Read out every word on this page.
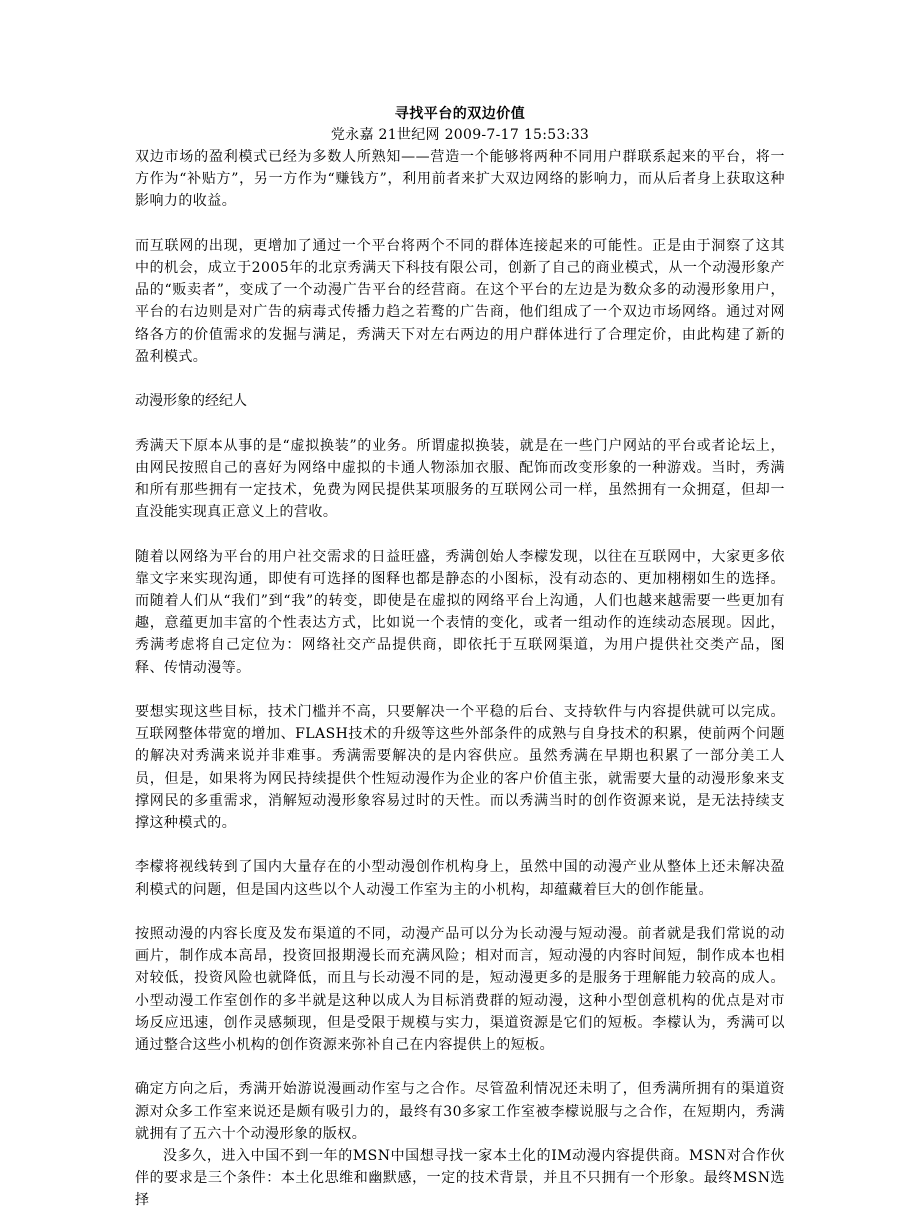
寻找平台的双边价值

党永嘉 21世纪网 2009-7-17 15:53:33

双边市场的盈利模式已经为多数人所熟知——营造一个能够将两种不同用户群联系起来的平台，将一方作为“补贴方”，另一方作为“赚钱方”，利用前者来扩大双边网络的影响力，而从后者身上获取这种影响力的收益。

而互联网的出现，更增加了通过一个平台将两个不同的群体连接起来的可能性。正是由于洞察了这其中的机会，成立于2005年的北京秀满天下科技有限公司，创新了自己的商业模式，从一个动漫形象产品的“贩卖者”，变成了一个动漫广告平台的经营商。在这个平台的左边是为数众多的动漫形象用户，平台的右边则是对广告的病毒式传播力趋之若鹜的广告商，他们组成了一个双边市场网络。通过对网络各方的价值需求的发掘与满足，秀满天下对左右两边的用户群体进行了合理定价，由此构建了新的盈利模式。

动漫形象的经纪人

秀满天下原本从事的是“虚拟换装”的业务。所谓虚拟换装，就是在一些门户网站的平台或者论坛上，由网民按照自己的喜好为网络中虚拟的卡通人物添加衣服、配饰而改变形象的一种游戏。当时，秀满和所有那些拥有一定技术，免费为网民提供某项服务的互联网公司一样，虽然拥有一众拥趸，但却一直没能实现真正意义上的营收。

随着以网络为平台的用户社交需求的日益旺盛，秀满创始人李檬发现，以往在互联网中，大家更多依靠文字来实现沟通，即使有可选择的图释也都是静态的小图标，没有动态的、更加栩栩如生的选择。而随着人们从“我们”到“我”的转变，即使是在虚拟的网络平台上沟通，人们也越来越需要一些更加有趣，意蕴更加丰富的个性表达方式，比如说一个表情的变化，或者一组动作的连续动态展现。因此，秀满考虑将自己定位为：网络社交产品提供商，即依托于互联网渠道，为用户提供社交类产品，图释、传情动漫等。

要想实现这些目标，技术门槛并不高，只要解决一个平稳的后台、支持软件与内容提供就可以完成。互联网整体带宽的增加、FLASH技术的升级等这些外部条件的成熟与自身技术的积累，使前两个问题的解决对秀满来说并非难事。秀满需要解决的是内容供应。虽然秀满在早期也积累了一部分美工人员，但是，如果将为网民持续提供个性短动漫作为企业的客户价值主张，就需要大量的动漫形象来支撑网民的多重需求，消解短动漫形象容易过时的天性。而以秀满当时的创作资源来说，是无法持续支撑这种模式的。

李檬将视线转到了国内大量存在的小型动漫创作机构身上，虽然中国的动漫产业从整体上还未解决盈利模式的问题，但是国内这些以个人动漫工作室为主的小机构，却蕴藏着巨大的创作能量。

按照动漫的内容长度及发布渠道的不同，动漫产品可以分为长动漫与短动漫。前者就是我们常说的动画片，制作成本高昂，投资回报期漫长而充满风险；相对而言，短动漫的内容时间短，制作成本也相对较低，投资风险也就降低，而且与长动漫不同的是，短动漫更多的是服务于理解能力较高的成人。小型动漫工作室创作的多半就是这种以成人为目标消费群的短动漫，这种小型创意机构的优点是对市场反应迅速，创作灵感频现，但是受限于规模与实力，渠道资源是它们的短板。李檬认为，秀满可以通过整合这些小机构的创作资源来弥补自己在内容提供上的短板。

确定方向之后，秀满开始游说漫画动作室与之合作。尽管盈利情况还未明了，但秀满所拥有的渠道资源对众多工作室来说还是颇有吸引力的，最终有30多家工作室被李檬说服与之合作，在短期内，秀满就拥有了五六十个动漫形象的版权。

没多久，进入中国不到一年的MSN中国想寻找一家本土化的IM动漫内容提供商。MSN对合作伙伴的要求是三个条件：本土化思维和幽默感，一定的技术背景，并且不只拥有一个形象。最终MSN选择
